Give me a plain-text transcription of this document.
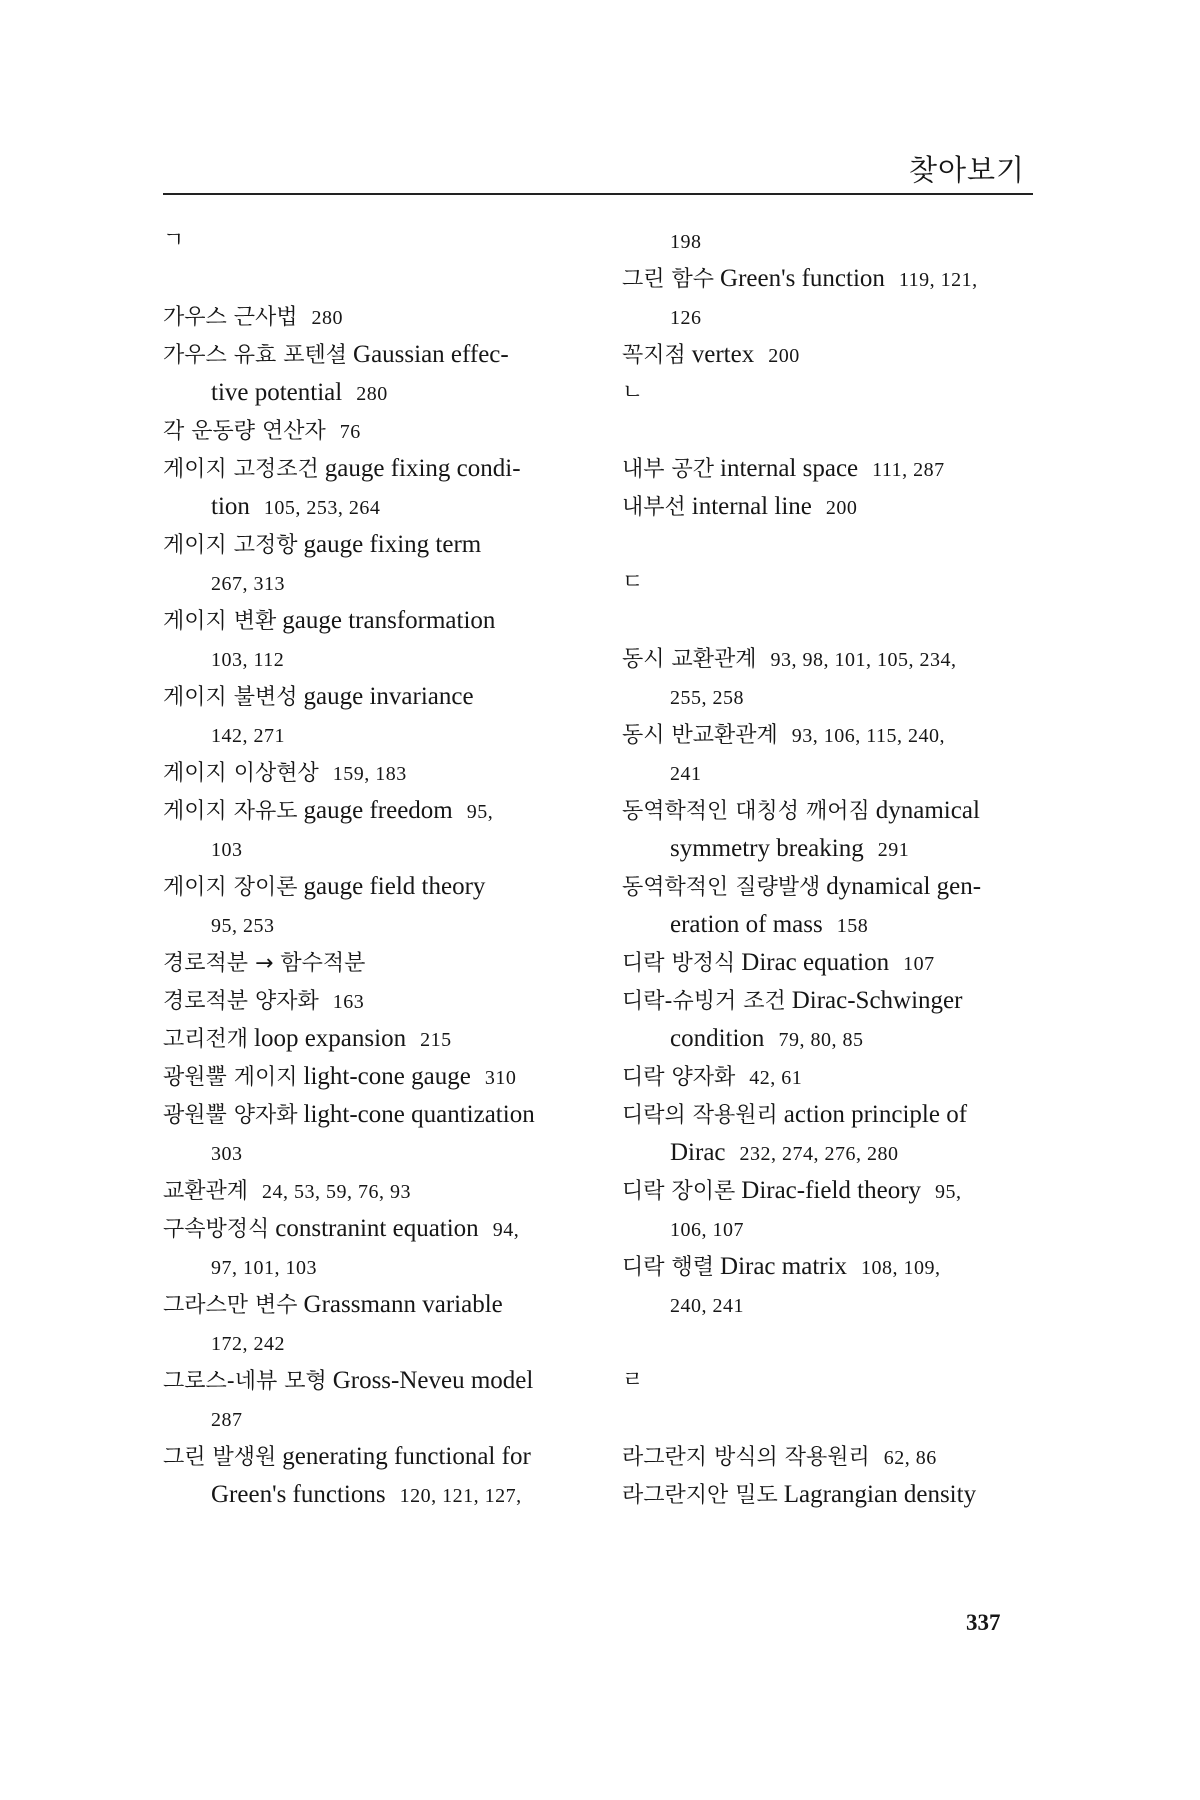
찾아보기
ㄱ
가우스 근사법 280
가우스 유효 포텐셜 Gaussian effec-
tive potential 280
각 운동량 연산자 76
게이지 고정조건 gauge fixing condi-
tion 105, 253, 264
게이지 고정항 gauge fixing term
267, 313
게이지 변환 gauge transformation
103, 112
게이지 불변성 gauge invariance
142, 271
게이지 이상현상 159, 183
게이지 자유도 gauge freedom 95,
103
게이지 장이론 gauge field theory
95, 253
경로적분 → 함수적분
경로적분 양자화 163
고리전개 loop expansion 215
광원뿔 게이지 light-cone gauge 310
광원뿔 양자화 light-cone quantization
303
교환관계 24, 53, 59, 76, 93
구속방정식 constranint equation 94,
97, 101, 103
그라스만 변수 Grassmann variable
172, 242
그로스-네뷰 모형 Gross-Neveu model
287
그린 발생원 generating functional for
Green's functions 120, 121, 127,
198
그린 함수 Green's function 119, 121,
126
꼭지점 vertex 200
ㄴ
내부 공간 internal space 111, 287
내부선 internal line 200
ㄷ
동시 교환관계 93, 98, 101, 105, 234,
255, 258
동시 반교환관계 93, 106, 115, 240,
241
동역학적인 대칭성 깨어짐 dynamical
symmetry breaking 291
동역학적인 질량발생 dynamical gen-
eration of mass 158
디락 방정식 Dirac equation 107
디락-슈빙거 조건 Dirac-Schwinger
condition 79, 80, 85
디락 양자화 42, 61
디락의 작용원리 action principle of
Dirac 232, 274, 276, 280
디락 장이론 Dirac-field theory 95,
106, 107
디락 행렬 Dirac matrix 108, 109,
240, 241
ㄹ
라그란지 방식의 작용원리 62, 86
라그란지안 밀도 Lagrangian density
337
